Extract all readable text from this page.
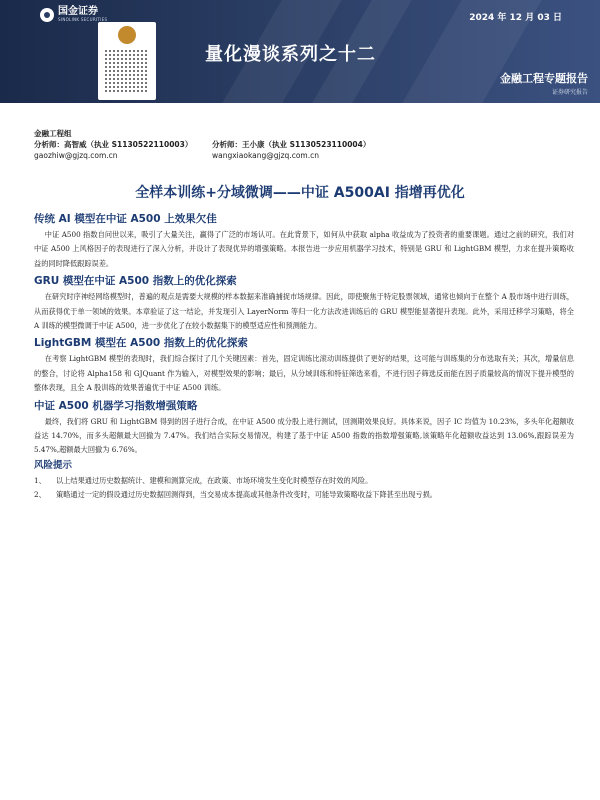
国金证券
SINOLINK SECURITIES	2024 年 12 月 03 日
量化漫谈系列之十二
金融工程专题报告
证券研究报告
金融工程组
分析师：高智威（执业 S1130522110003）	分析师：王小康（执业 S1130523110004）
gaozhiw@gjzq.com.cn	wangxiaokang@gjzq.com.cn
全样本训练+分域微调——中证 A500AI 指增再优化
传统 AI 模型在中证 A500 上效果欠佳

中证 A500 指数自问世以来，吸引了大量关注，赢得了广泛的市场认可。在此背景下，如何从中获取 alpha 收益成为了投资者的重要课题。通过之前的研究，我们对中证 A500 上风格因子的表现进行了深入分析，并设计了表现优异的增强策略。本报告进一步应用机器学习技术，特别是 GRU 和 LightGBM 模型，力求在提升策略收益的同时降低跟踪误差。

GRU 模型在中证 A500 指数上的优化探索

在研究时序神经网络模型时，普遍的观点是需要大规模的样本数据来准确捕捉市场规律。因此，即使聚焦于特定股票领域，通常也倾向于在整个 A 股市场中进行训练，从而获得优于单一领域的效果。本章验证了这一结论，并发现引入 LayerNorm 等归一化方法改进训练后的 GRU 模型能显著提升表现。此外，采用迁移学习策略，将全 A 训练的模型微调于中证 A500，进一步优化了在较小数据集下的模型适应性和预测能力。

LightGBM 模型在 A500 指数上的优化探索

在考察 LightGBM 模型的表现时，我们综合探讨了几个关键因素：首先，固定训练比滚动训练提供了更好的结果，这可能与训练集的分布选取有关；其次，增量信息的整合，讨论将 Alpha158 和 GJQuant 作为输入，对模型效果的影响；最后，从分域训练和特征筛选来看，不进行因子筛选反而能在因子质量较高的情况下提升模型的整体表现，且全 A 股训练的效果普遍优于中证 A500 训练。

中证 A500 机器学习指数增强策略

最终，我们将 GRU 和 LightGBM 得到的因子进行合成，在中证 A500 成分股上进行测试，回测期效果良好。具体来说，因子 IC 均值为 10.23%，多头年化超额收益达 14.70%，而多头超额最大回撤为 7.47%。我们结合实际交易情况，构建了基于中证 A500 指数的指数增强策略,该策略年化超额收益达到 13.06%,跟踪误差为 5.47%,超额最大回撤为 6.76%。

风险提示
1、	以上结果通过历史数据统计、建模和测算完成，在政策、市场环境发生变化时模型存在时效的风险。
2、	策略通过一定的假设通过历史数据回测得到，当交易成本提高或其他条件改变时，可能导致策略收益下降甚至出现亏损。
